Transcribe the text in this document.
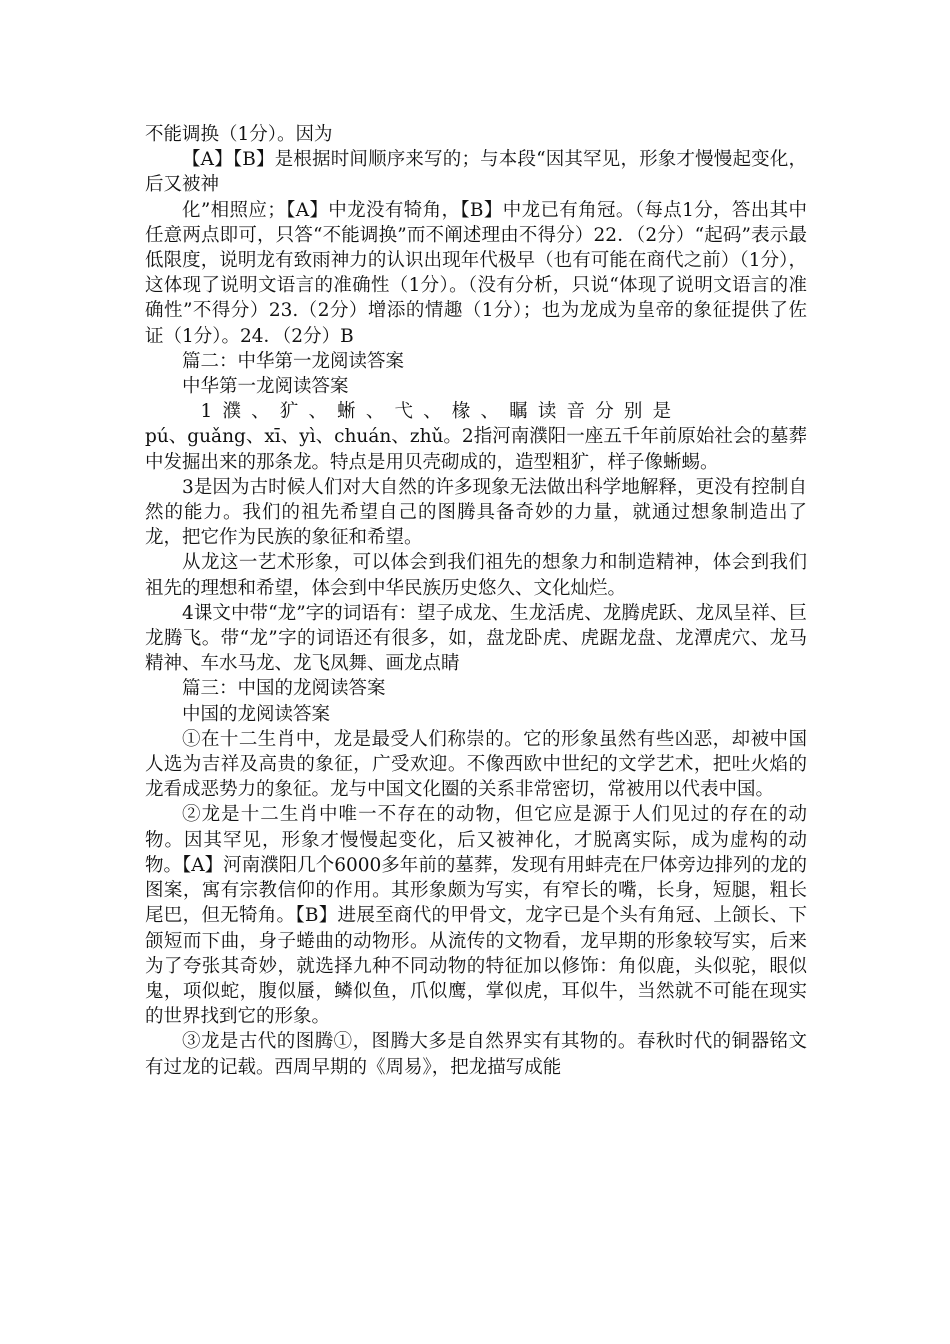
不能调换（1分）。因为

【A】【B】是根据时间顺序来写的；与本段“因其罕见，形象才慢慢起变化，后又被神

化”相照应；【A】中龙没有犄角，【B】中龙已有角冠。（每点1分，答出其中任意两点即可，只答“不能调换”而不阐述理由不得分）22．（2分）“起码”表示最低限度，说明龙有致雨神力的认识出现年代极早（也有可能在商代之前）（1分），这体现了说明文语言的准确性（1分）。（没有分析，只说“体现了说明文语言的准确性”不得分）23.（2分）增添的情趣（1分）；也为龙成为皇帝的象征提供了佐证（1分）。24．（2分）B

篇二：中华第一龙阅读答案

中华第一龙阅读答案

1濮、犷、蜥、弋、椽、瞩读音分别是

pú、guǎng、xī、yì、chuán、zhǔ。2指河南濮阳一座五千年前原始社会的墓葬中发掘出来的那条龙。特点是用贝壳砌成的，造型粗犷，样子像蜥蜴。

3是因为古时候人们对大自然的许多现象无法做出科学地解释，更没有控制自然的能力。我们的祖先希望自己的图腾具备奇妙的力量，就通过想象制造出了龙，把它作为民族的象征和希望。

从龙这一艺术形象，可以体会到我们祖先的想象力和制造精神，体会到我们祖先的理想和希望，体会到中华民族历史悠久、文化灿烂。

4课文中带“龙”字的词语有：望子成龙、生龙活虎、龙腾虎跃、龙凤呈祥、巨龙腾飞。带“龙”字的词语还有很多，如，盘龙卧虎、虎踞龙盘、龙潭虎穴、龙马精神、车水马龙、龙飞凤舞、画龙点睛

篇三：中国的龙阅读答案

中国的龙阅读答案

①在十二生肖中，龙是最受人们称崇的。它的形象虽然有些凶恶，却被中国人选为吉祥及高贵的象征，广受欢迎。不像西欧中世纪的文学艺术，把吐火焰的龙看成恶势力的象征。龙与中国文化圈的关系非常密切，常被用以代表中国。

②龙是十二生肖中唯一不存在的动物，但它应是源于人们见过的存在的动物。因其罕见，形象才慢慢起变化，后又被神化，才脱离实际，成为虚构的动物。【A】河南濮阳几个6000多年前的墓葬，发现有用蚌壳在尸体旁边排列的龙的图案，寓有宗教信仰的作用。其形象颇为写实，有窄长的嘴，长身，短腿，粗长尾巴，但无犄角。【B】进展至商代的甲骨文，龙字已是个头有角冠、上颌长、下颌短而下曲，身子蜷曲的动物形。从流传的文物看，龙早期的形象较写实，后来为了夸张其奇妙，就选择九种不同动物的特征加以修饰：角似鹿，头似驼，眼似鬼，项似蛇，腹似蜃，鳞似鱼，爪似鹰，掌似虎，耳似牛，当然就不可能在现实的世界找到它的形象。

③龙是古代的图腾①，图腾大多是自然界实有其物的。春秋时代的铜器铭文有过龙的记载。西周早期的《周易》，把龙描写成能
